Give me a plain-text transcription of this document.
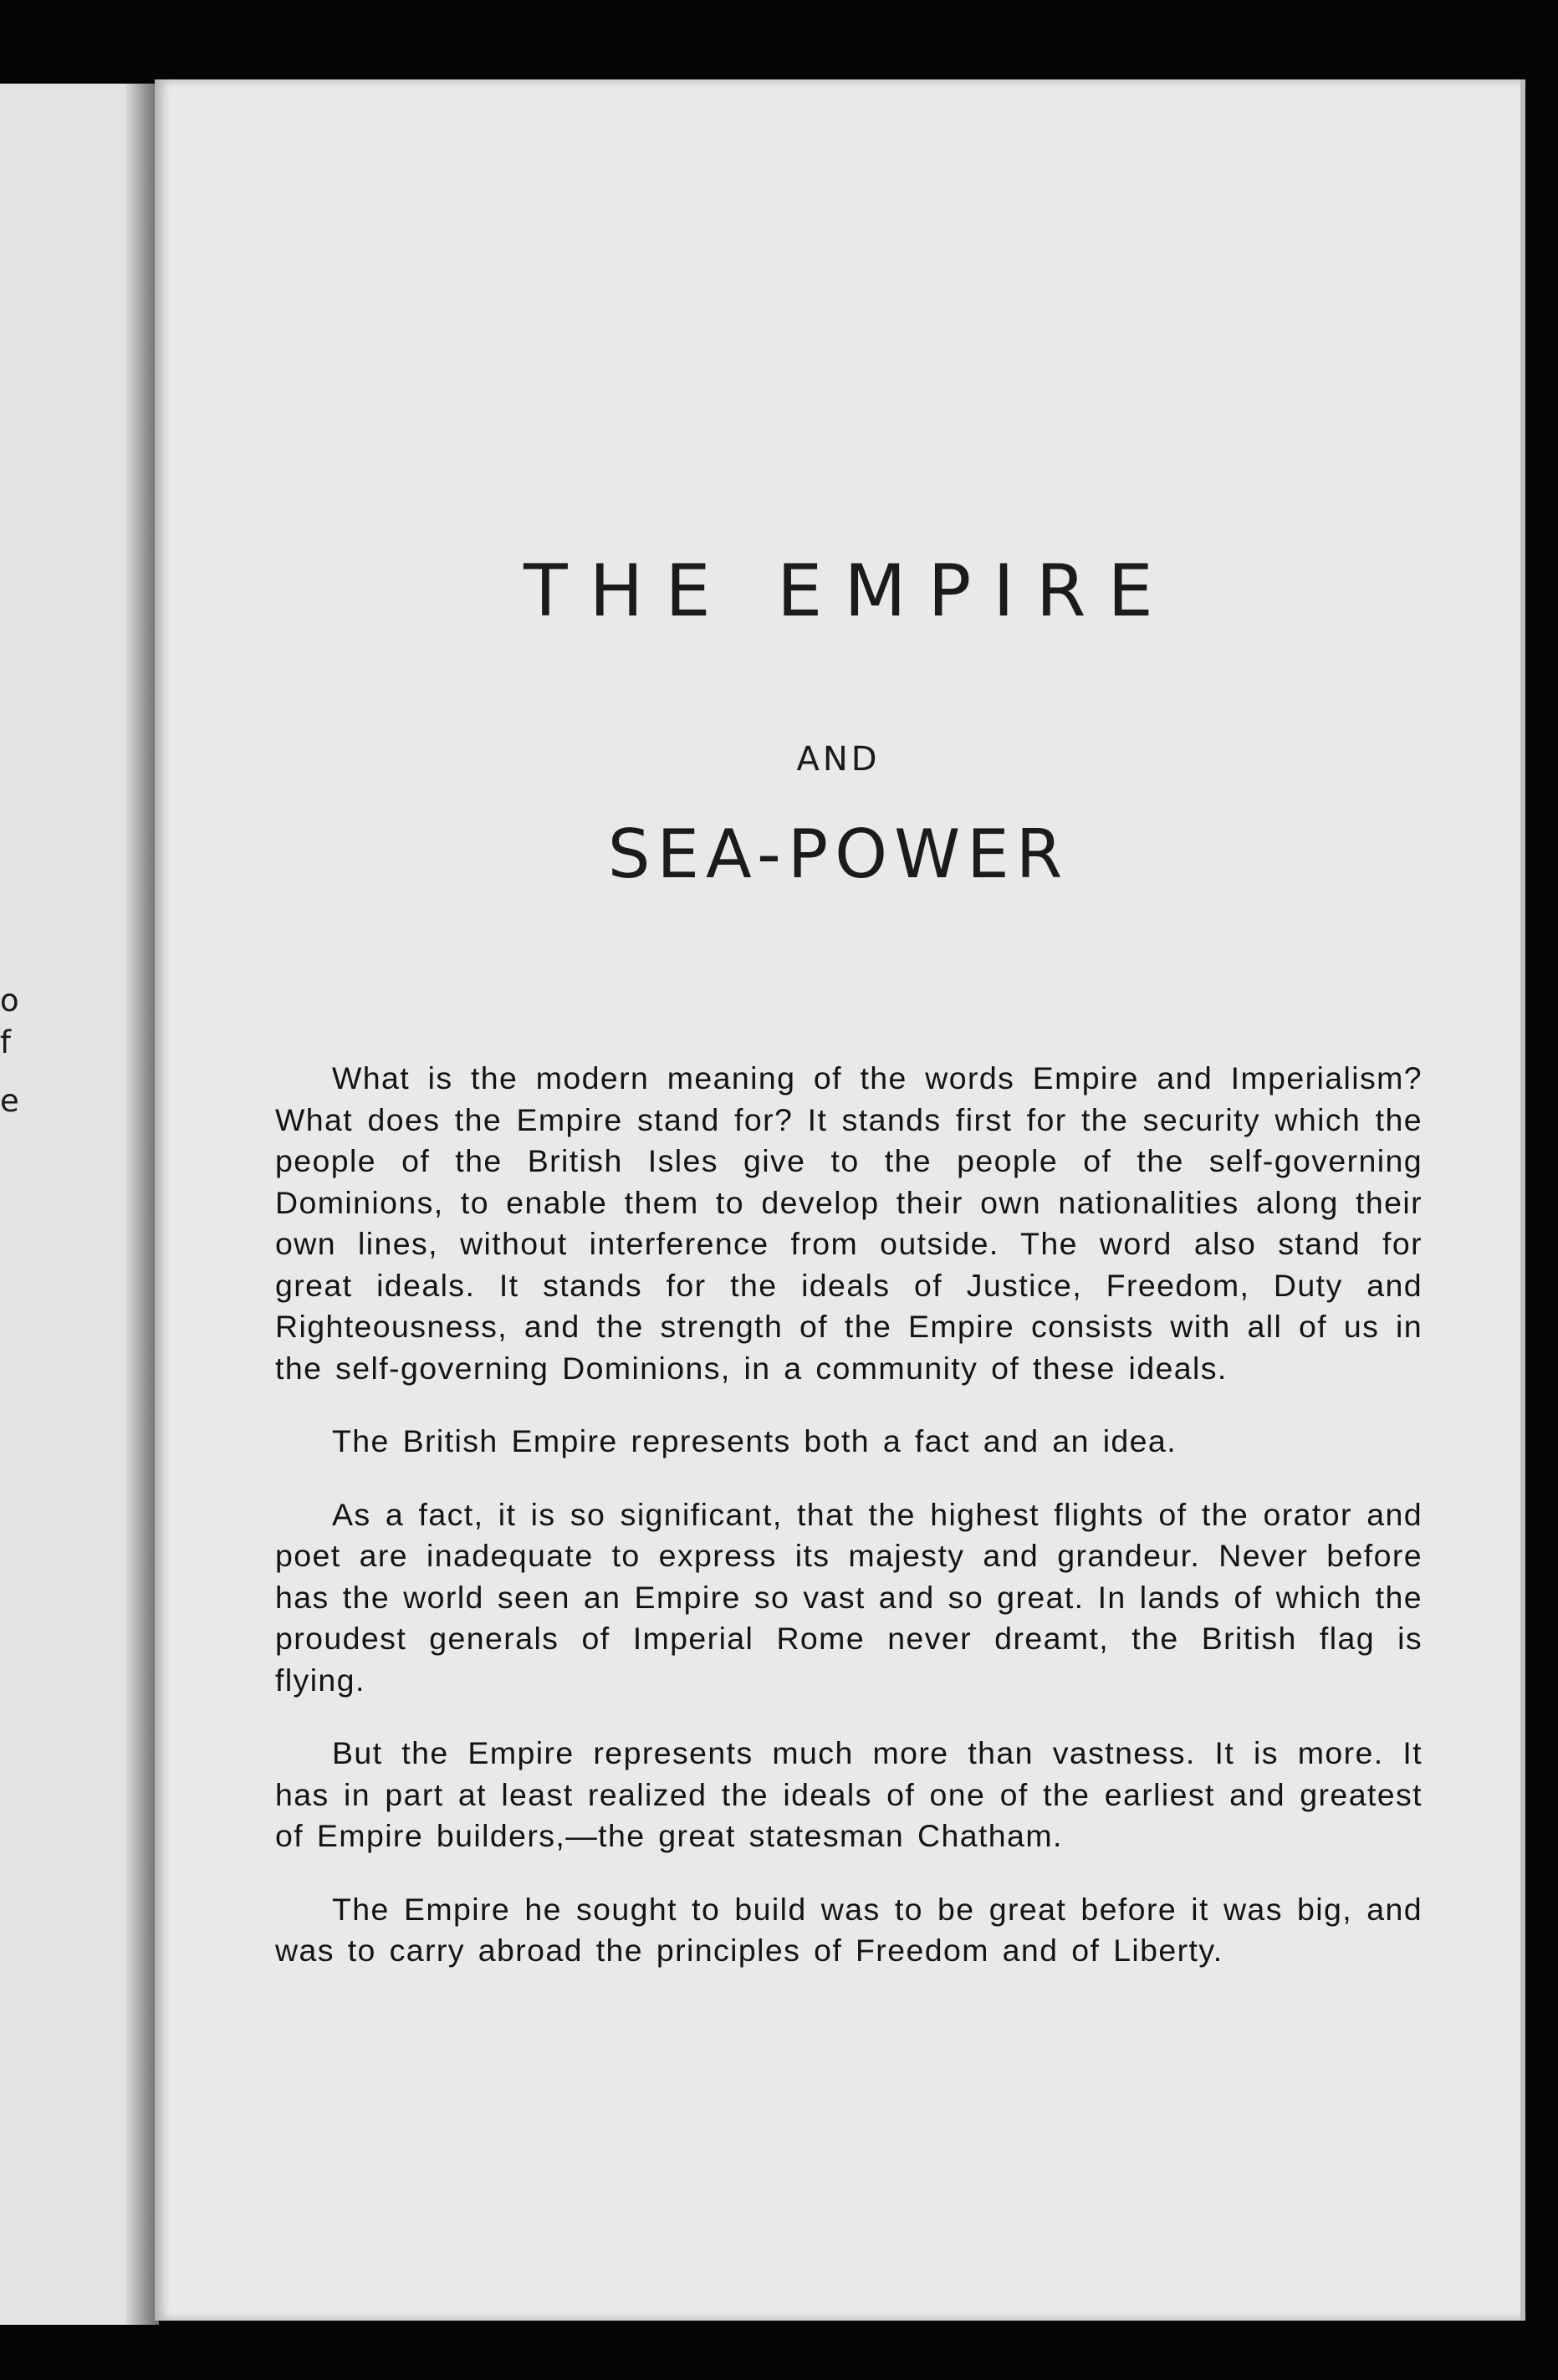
o
f
e
THE EMPIRE
AND
SEA-POWER

What is the modern meaning of the words Empire and Imperialism? What does the Empire stand for? It stands first for the security which the people of the British Isles give to the people of the self-governing Dominions, to enable them to develop their own nationalities along their own lines, without interference from outside. The word also stand for great ideals. It stands for the ideals of Justice, Freedom, Duty and Righteousness, and the strength of the Empire consists with all of us in the self-governing Dominions, in a community of these ideals.

The British Empire represents both a fact and an idea.

As a fact, it is so significant, that the highest flights of the orator and poet are inadequate to express its majesty and grandeur. Never before has the world seen an Empire so vast and so great. In lands of which the proudest generals of Imperial Rome never dreamt, the British flag is flying.

But the Empire represents much more than vastness. It is more. It has in part at least realized the ideals of one of the earliest and greatest of Empire builders,—the great statesman Chatham.

The Empire he sought to build was to be great before it was big, and was to carry abroad the principles of Freedom and of Liberty.
